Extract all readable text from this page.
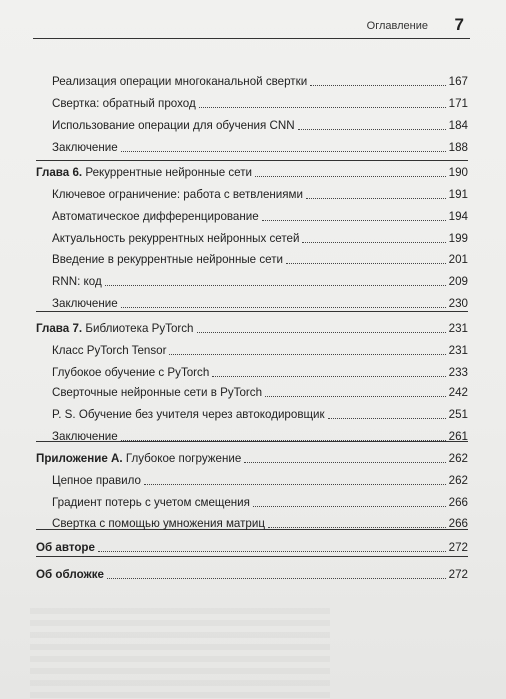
Оглавление 7
Реализация операции многоканальной свертки	167
Свертка: обратный проход	171
Использование операции для обучения CNN	184
Заключение	188
Глава 6. Рекуррентные нейронные сети	190
Ключевое ограничение: работа с ветвлениями	191
Автоматическое дифференцирование	194
Актуальность рекуррентных нейронных сетей	199
Введение в рекуррентные нейронные сети	201
RNN: код	209
Заключение	230
Глава 7. Библиотека PyTorch	231
Класс PyTorch Tensor	231
Глубокое обучение с PyTorch	233
Сверточные нейронные сети в PyTorch	242
P. S. Обучение без учителя через автокодировщик	251
Заключение	261
Приложение А. Глубокое погружение	262
Цепное правило	262
Градиент потерь с учетом смещения	266
Свертка с помощью умножения матриц	266
Об авторе	272
Об обложке	272
